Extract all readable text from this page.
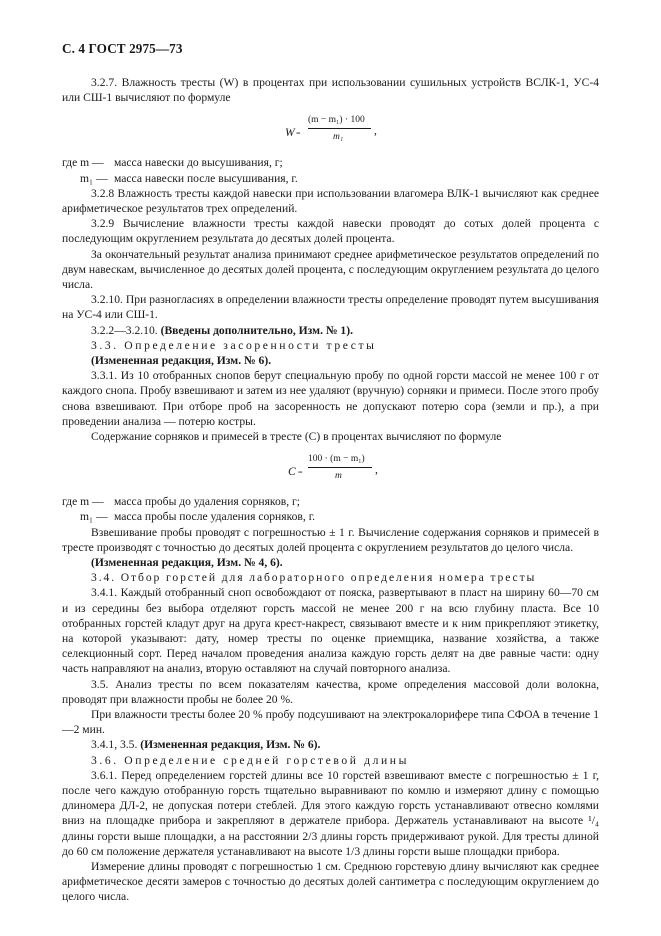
С. 4 ГОСТ 2975—73

3.2.7. Влажность тресты (W) в процентах при использовании сушильных устройств ВСЛК-1, УС-4 или СШ-1 вычисляют по формуле

W =
(m − m₁) · 100
m₁	,
где m — масса навески до высушивания, г;
m₁ — масса навески после высушивания, г.

3.2.8 Влажность тресты каждой навески при использовании влагомера ВЛК-1 вычисляют как среднее арифметическое результатов трех определений.

3.2.9 Вычисление влажности тресты каждой навески проводят до сотых долей процента с последующим округлением результата до десятых долей процента.

За окончательный результат анализа принимают среднее арифметическое результатов определений по двум навескам, вычисленное до десятых долей процента, с последующим округлением результата до целого числа.

3.2.10. При разногласиях в определении влажности тресты определение проводят путем высушивания на УС-4 или СШ-1.

3.2.2—3.2.10. (Введены дополнительно, Изм. № 1).

3.3. Определение засоренности тресты

(Измененная редакция, Изм. № 6).

3.3.1. Из 10 отобранных снопов берут специальную пробу по одной горсти массой не менее 100 г от каждого снопа. Пробу взвешивают и затем из нее удаляют (вручную) сорняки и примеси. После этого пробу снова взвешивают. При отборе проб на засоренность не допускают потерю сора (земли и пр.), а при проведении анализа — потерю костры.

Содержание сорняков и примесей в тресте (C) в процентах вычисляют по формуле

C =
100 · (m − m₁)
m	,
где m — масса пробы до удаления сорняков, г;
m₁ — масса пробы после удаления сорняков, г.

Взвешивание пробы проводят с погрешностью ± 1 г. Вычисление содержания сорняков и примесей в тресте производят с точностью до десятых долей процента с округлением результатов до целого числа.

(Измененная редакция, Изм. № 4, 6).

3.4. Отбор горстей для лабораторного определения номера тресты

3.4.1. Каждый отобранный сноп освобождают от пояска, развертывают в пласт на ширину 60—70 см и из середины без выбора отделяют горсть массой не менее 200 г на всю глубину пласта. Все 10 отобранных горстей кладут друг на друга крест-накрест, связывают вместе и к ним прикрепляют этикетку, на которой указывают: дату, номер тресты по оценке приемщика, название хозяйства, а также селекционный сорт. Перед началом проведения анализа каждую горсть делят на две равные части: одну часть направляют на анализ, вторую оставляют на случай повторного анализа.

3.5. Анализ тресты по всем показателям качества, кроме определения массовой доли волокна, проводят при влажности пробы не более 20 %.

При влажности тресты более 20 % пробу подсушивают на электрокалорифере типа СФОА в течение 1—2 мин.

3.4.1, 3.5. (Измененная редакция, Изм. № 6).

3.6. Определение средней горстевой длины

3.6.1. Перед определением горстей длины все 10 горстей взвешивают вместе с погрешностью ± 1 г, после чего каждую отобранную горсть тщательно выравнивают по комлю и измеряют длину с помощью длиномера ДЛ-2, не допуская потери стеблей. Для этого каждую горсть устанавливают отвесно комлями вниз на площадке прибора и закрепляют в держателе прибора. Держатель устанавливают на высоте ¹/₄ длины горсти выше площадки, а на расстоянии 2/3 длины горсть придерживают рукой. Для тресты длиной до 60 см положение держателя устанавливают на высоте 1/3 длины горсти выше площадки прибора.

Измерение длины проводят с погрешностью 1 см. Среднюю горстевую длину вычисляют как среднее арифметическое десяти замеров с точностью до десятых долей сантиметра с последующим округлением до целого числа.
